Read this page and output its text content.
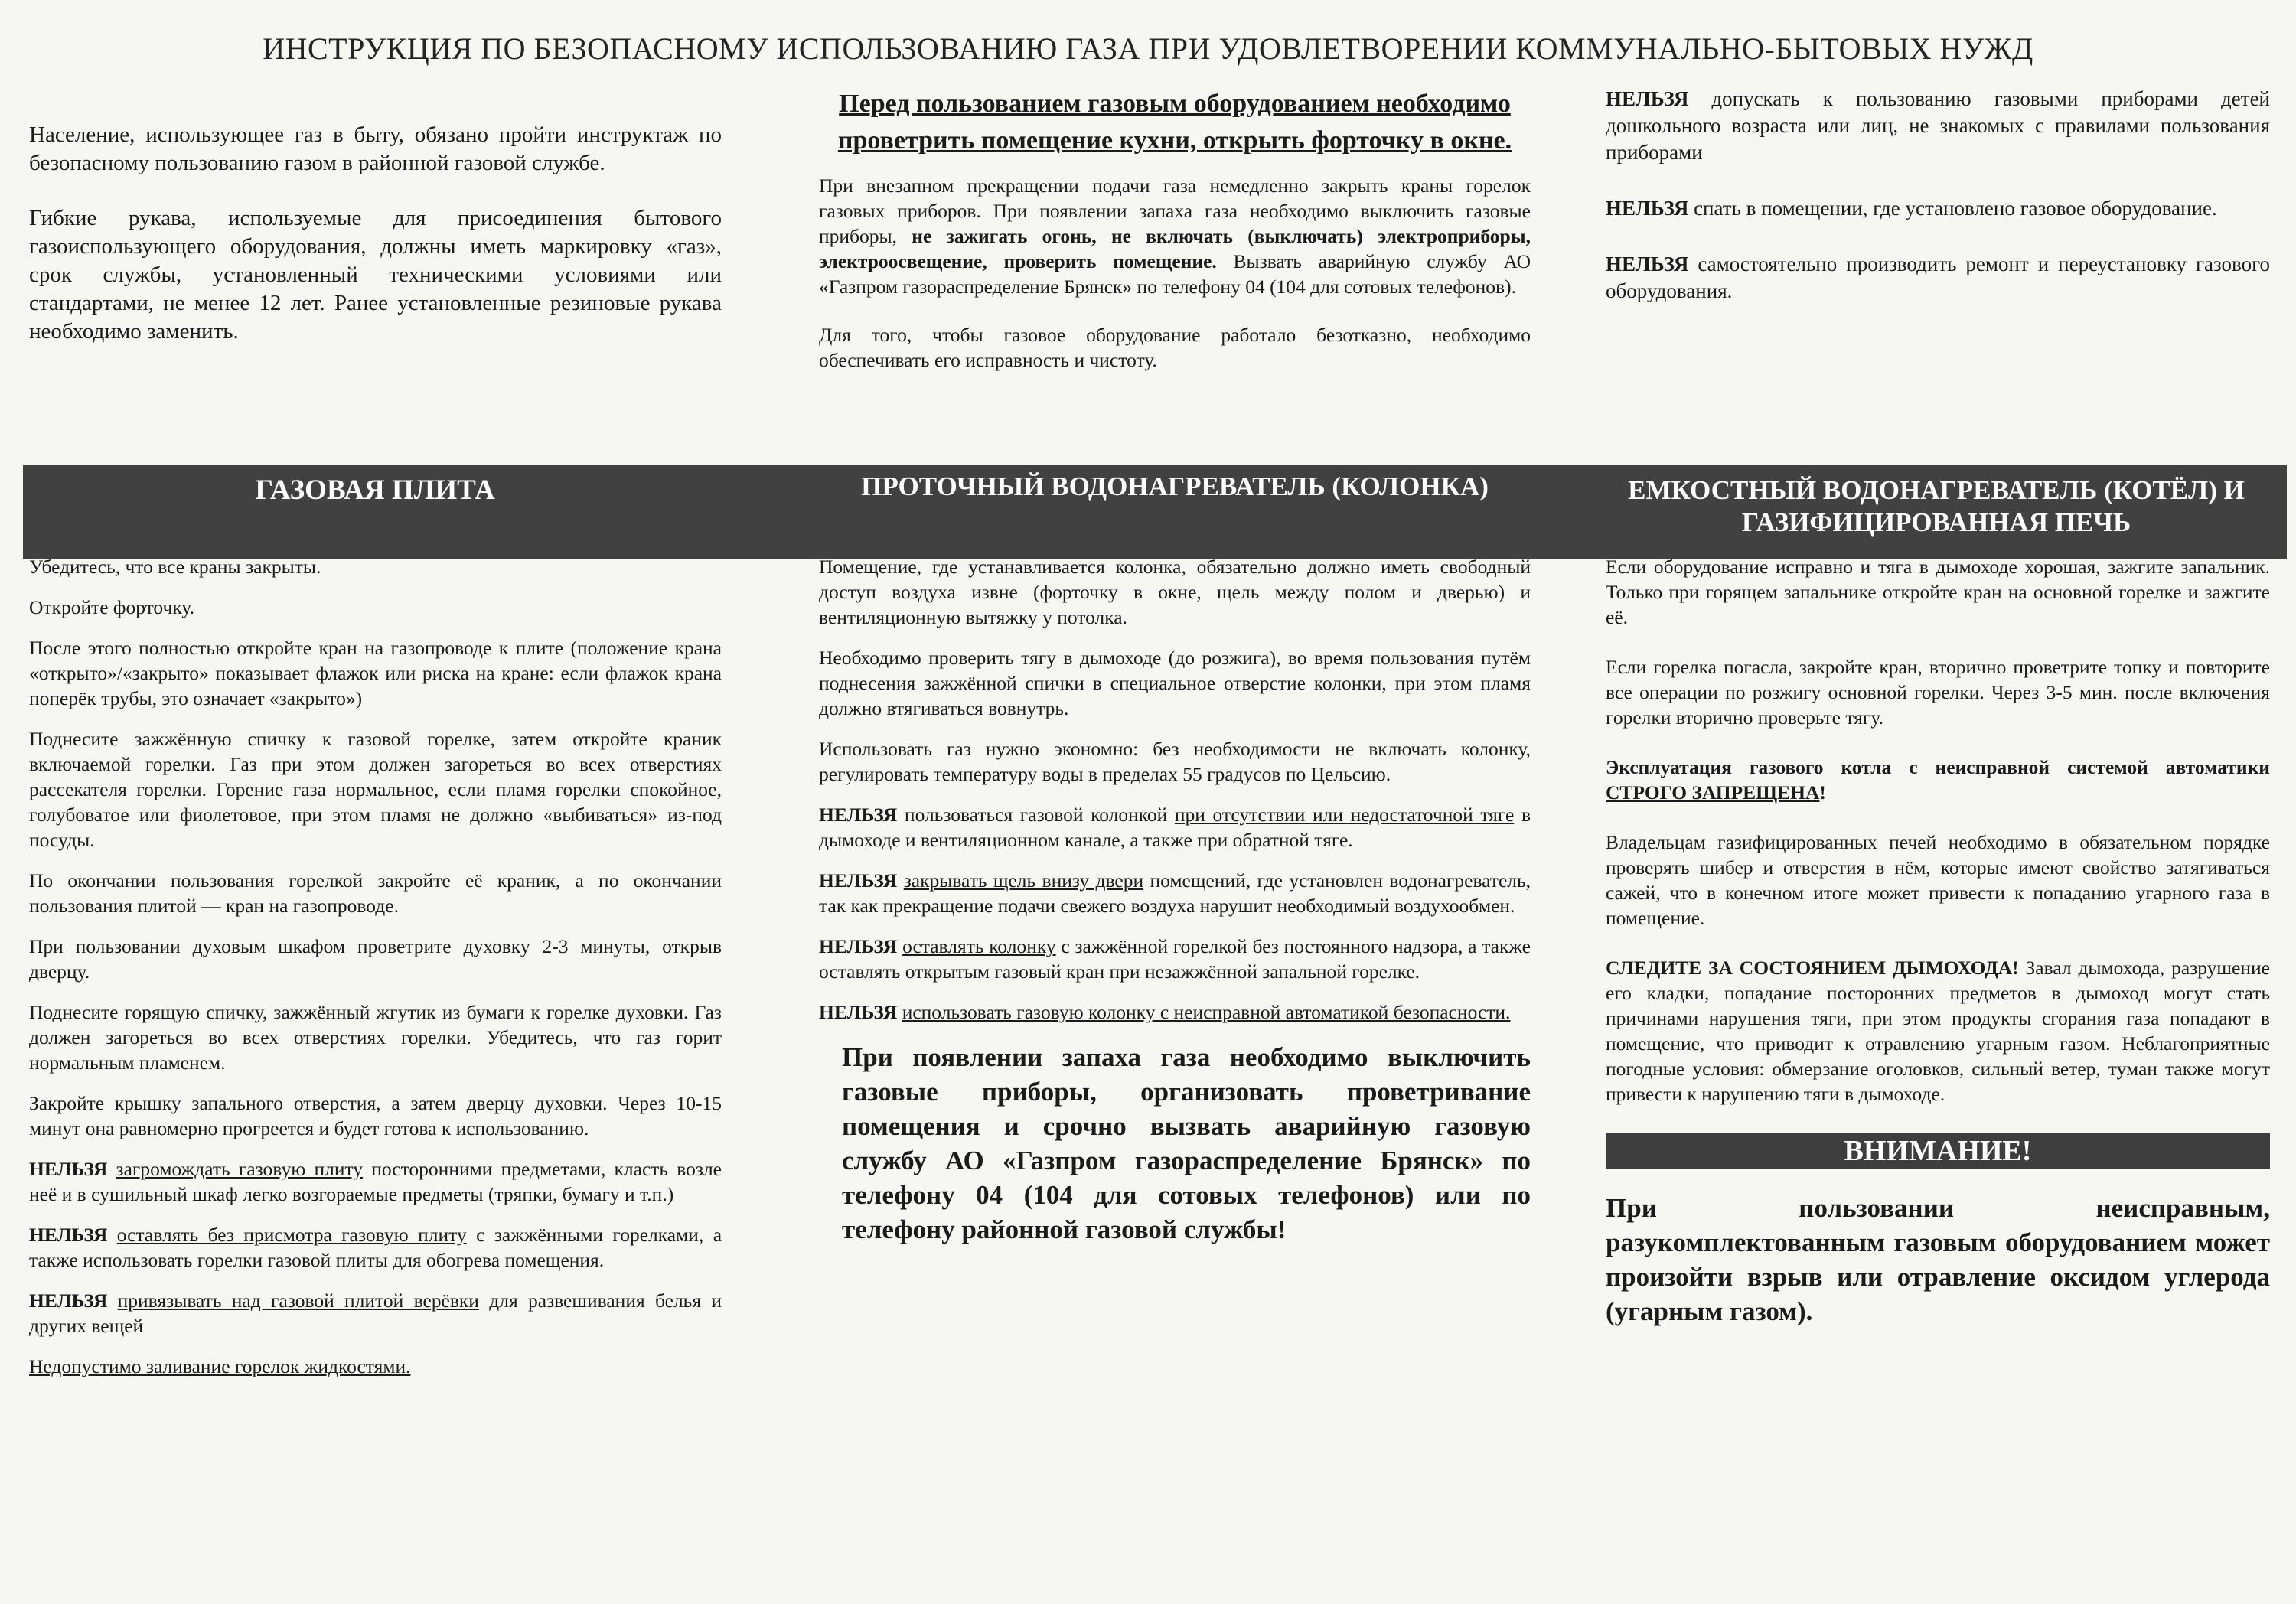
ИНСТРУКЦИЯ ПО БЕЗОПАСНОМУ ИСПОЛЬЗОВАНИЮ ГАЗА ПРИ УДОВЛЕТВОРЕНИИ КОММУНАЛЬНО-БЫТОВЫХ НУЖД

Население, использующее газ в быту, обязано пройти инструктаж по безопасному пользованию газом в районной газовой службе.

Гибкие рукава, используемые для присоединения бытового газоиспользующего оборудования, должны иметь маркировку «газ», срок службы, установленный техническими условиями или стандартами, не менее 12 лет. Ранее установленные резиновые рукава необходимо заменить.

Перед пользованием газовым оборудованием необходимо проветрить помещение кухни, открыть форточку в окне.

При внезапном прекращении подачи газа немедленно закрыть краны горелок газовых приборов. При появлении запаха газа необходимо выключить газовые приборы, не зажигать огонь, не включать (выключать) электроприборы, электроосвещение, проверить помещение. Вызвать аварийную службу АО «Газпром газораспределение Брянск» по телефону 04 (104 для сотовых телефонов).

Для того, чтобы газовое оборудование работало безотказно, необходимо обеспечивать его исправность и чистоту.

НЕЛЬЗЯ допускать к пользованию газовыми приборами детей дошкольного возраста или лиц, не знакомых с правилами пользования приборами

НЕЛЬЗЯ спать в помещении, где установлено газовое оборудование.

НЕЛЬЗЯ самостоятельно производить ремонт и переустановку газового оборудования.

ГАЗОВАЯ ПЛИТА	ПРОТОЧНЫЙ ВОДОНАГРЕВАТЕЛЬ (КОЛОНКА)	ЕМКОСТНЫЙ ВОДОНАГРЕВАТЕЛЬ (КОТЁЛ) И ГАЗИФИЦИРОВАННАЯ ПЕЧЬ

Убедитесь, что все краны закрыты.

Откройте форточку.

После этого полностью откройте кран на газопроводе к плите (положение крана «открыто»/«закрыто» показывает флажок или риска на кране: если флажок крана поперёк трубы, это означает «закрыто»)

Поднесите зажжённую спичку к газовой горелке, затем откройте краник включаемой горелки. Газ при этом должен загореться во всех отверстиях рассекателя горелки. Горение газа нормальное, если пламя горелки спокойное, голубоватое или фиолетовое, при этом пламя не должно «выбиваться» из-под посуды.

По окончании пользования горелкой закройте её краник, а по окончании пользования плитой — кран на газопроводе.

При пользовании духовым шкафом проветрите духовку 2-3 минуты, открыв дверцу.

Поднесите горящую спичку, зажжённый жгутик из бумаги к горелке духовки. Газ должен загореться во всех отверстиях горелки. Убедитесь, что газ горит нормальным пламенем.

Закройте крышку запального отверстия, а затем дверцу духовки. Через 10-15 минут она равномерно прогреется и будет готова к использованию.

НЕЛЬЗЯ загромождать газовую плиту посторонними предметами, класть возле неё и в сушильный шкаф легко возгораемые предметы (тряпки, бумагу и т.п.)

НЕЛЬЗЯ оставлять без присмотра газовую плиту с зажжёнными горелками, а также использовать горелки газовой плиты для обогрева помещения.

НЕЛЬЗЯ привязывать над газовой плитой верёвки для развешивания белья и других вещей

Недопустимо заливание горелок жидкостями.

Помещение, где устанавливается колонка, обязательно должно иметь свободный доступ воздуха извне (форточку в окне, щель между полом и дверью) и вентиляционную вытяжку у потолка.

Необходимо проверить тягу в дымоходе (до розжига), во время пользования путём поднесения зажжённой спички в специальное отверстие колонки, при этом пламя должно втягиваться вовнутрь.

Использовать газ нужно экономно: без необходимости не включать колонку, регулировать температуру воды в пределах 55 градусов по Цельсию.

НЕЛЬЗЯ пользоваться газовой колонкой при отсутствии или недостаточной тяге в дымоходе и вентиляционном канале, а также при обратной тяге.

НЕЛЬЗЯ закрывать щель внизу двери помещений, где установлен водонагреватель, так как прекращение подачи свежего воздуха нарушит необходимый воздухообмен.

НЕЛЬЗЯ оставлять колонку с зажжённой горелкой без постоянного надзора, а также оставлять открытым газовый кран при незажжённой запальной горелке.

НЕЛЬЗЯ использовать газовую колонку с неисправной автоматикой безопасности.

При появлении запаха газа необходимо выключить газовые приборы, организовать проветривание помещения и срочно вызвать аварийную газовую службу АО «Газпром газораспределение Брянск» по телефону 04 (104 для сотовых телефонов) или по телефону районной газовой службы!

Если оборудование исправно и тяга в дымоходе хорошая, зажгите запальник. Только при горящем запальнике откройте кран на основной горелке и зажгите её.

Если горелка погасла, закройте кран, вторично проветрите топку и повторите все операции по розжигу основной горелки. Через 3-5 мин. после включения горелки вторично проверьте тягу.

Эксплуатация газового котла с неисправной системой автоматики СТРОГО ЗАПРЕЩЕНА!

Владельцам газифицированных печей необходимо в обязательном порядке проверять шибер и отверстия в нём, которые имеют свойство затягиваться сажей, что в конечном итоге может привести к попаданию угарного газа в помещение.

СЛЕДИТЕ ЗА СОСТОЯНИЕМ ДЫМОХОДА! Завал дымохода, разрушение его кладки, попадание посторонних предметов в дымоход могут стать причинами нарушения тяги, при этом продукты сгорания газа попадают в помещение, что приводит к отравлению угарным газом. Неблагоприятные погодные условия: обмерзание оголовков, сильный ветер, туман также могут привести к нарушению тяги в дымоходе.

ВНИМАНИЕ!

При пользовании неисправным, разукомплектованным газовым оборудованием может произойти взрыв или отравление оксидом углерода (угарным газом).
